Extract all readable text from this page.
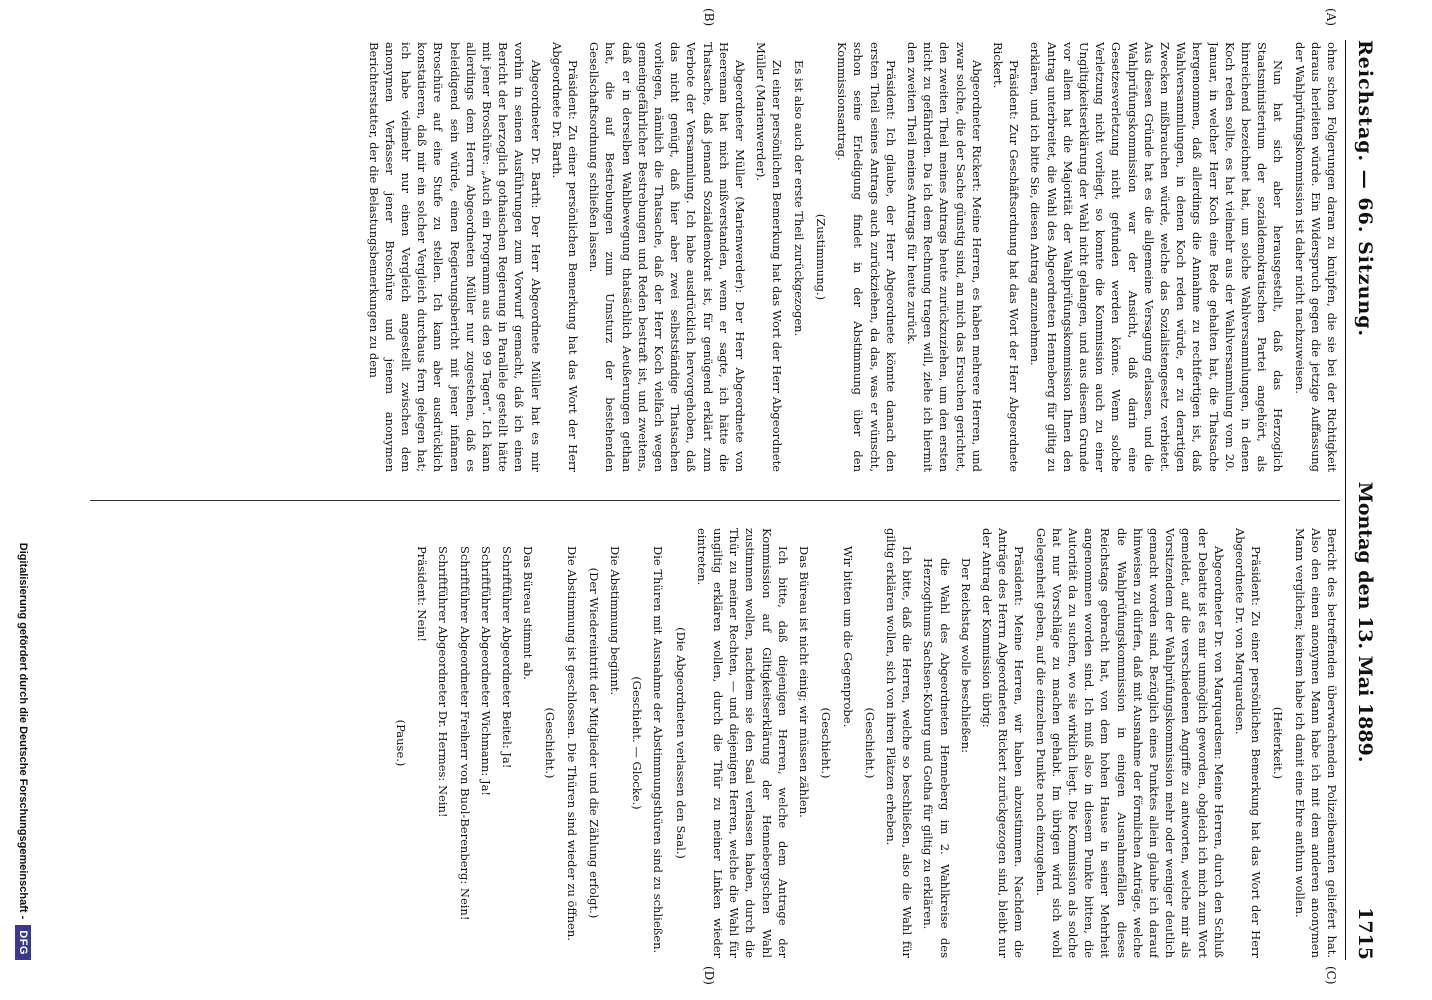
Reichstag. — 66. Sitzung.
Montag den 13. Mai 1889.
1715
(A)
(B)
(C)
(D)

ohne schon Folgerungen daran zu knüpfen, die sie bei der Richtigkeit daraus herleiten würde. Ein Widerspruch gegen die jetzige Auffassung der Wahlprüfungskommission ist daher nicht nachzuweisen.

Nun hat sich aber herausgestellt, daß das Herzoglich Staatsministerium der sozialdemokratischen Partei angehört, als hinreichend bezeichnet hat, um solche Wahlversammlungen, in denen Koch reden sollte, es hat vielmehr aus der Wahlversammlung vom 20. Januar, in welcher Herr Koch eine Rede gehalten hat, die Thatsache hergenommen, daß allerdings die Annahme zu rechtfertigen ist, daß Wahlversammlungen, in denen Koch reden würde, er zu derartigen Zwecken mißbrauchen würde, welche das Sozialistengesetz verbietet. Aus diesen Gründe hat es die allgemeine Versagung erlassen, und die Wahlprüfungskommission war der Ansicht, daß darin eine Gesetzesverletzung nicht gefunden werden könne. Wenn solche Verletzung nicht vorliegt, so konnte die Kommission auch zu einer Ungiltigkeitserklärung der Wahl nicht gelangen, und aus diesem Grunde vor allem hat die Majorität der Wahlprüfungskommission Ihnen den Antrag unterbreitet, die Wahl des Abgeordneten Henneberg für giltig zu erklären, und ich bitte Sie, diesen Antrag anzunehmen.

Präsident: Zur Geschäftsordnung hat das Wort der Herr Abgeordnete Rickert.

Abgeordneter Rickert: Meine Herren, es haben mehrere Herren, und zwar solche, die der Sache günstig sind, an mich das Ersuchen gerichtet, den zweiten Theil meines Antrags heute zurückzuziehen, um den ersten nicht zu gefährden. Da ich dem Rechnung tragen will, ziehe ich hiermit den zweiten Theil meines Antrags für heute zurück.

Präsident: Ich glaube, der Herr Abgeordnete könnte danach den ersten Theil seines Antrags auch zurückziehen, da das, was er wünscht, schon seine Erledigung findet in der Abstimmung über den Kommissionsantrag.

(Zustimmung.)

Es ist also auch der erste Theil zurückgezogen.

Zu einer persönlichen Bemerkung hat das Wort der Herr Abgeordnete Müller (Marienwerder).

Abgeordneter Müller (Marienwerder): Der Herr Abgeordnete von Heereman hat mich mißverstanden, wenn er sagte, ich hätte die Thatsache, daß jemand Sozialdemokrat ist, für genügend erklärt zum Verbote der Versammlung. Ich habe ausdrücklich hervorgehoben, daß das nicht genügt, daß hier aber zwei selbstständige Thatsachen vorliegen, nämlich die Thatsache, daß der Herr Koch vielfach wegen gemeingefährlicher Bestrebungen und Reden bestraft ist, und zweitens, daß er in derselben Wahlbewegung thatsächlich Aeußerungen gethan hat, die auf Bestrebungen zum Umsturz der bestehenden Gesellschaftsordnung schließen lassen.

Präsident: Zu einer persönlichen Bemerkung hat das Wort der Herr Abgeordnete Dr. Barth.

Abgeordneter Dr. Barth: Der Herr Abgeordnete Müller hat es mir vorhin in seinen Ausführungen zum Vorwurf gemacht, daß ich einen Bericht der herzoglich gothaischen Regierung in Parallele gestellt hätte mit jener Broschüre: „Auch ein Programm aus den 99 Tagen“. Ich kann allerdings dem Herrn Abgeordneten Müller nur zugestehen, daß es beleidigend sein würde, einen Regierungsbericht mit jener infamen Broschüre auf eine Stufe zu stellen. Ich kann aber ausdrücklich konstatieren, daß mir ein solcher Vergleich durchaus fern gelegen hat; ich habe vielmehr nur einen Vergleich angestellt zwischen dem anonymen Verfasser jener Broschüre und jenem anonymen Berichterstatter, der die Belastungsbemerkungen zu dem

Bericht des betreffenden überwachenden Polizeibeamten geliefert hat. Also den einen anonymen Mann habe ich mit dem anderen anonymen Mann verglichen; keinem habe ich damit eine Ehre anthun wollen.

(Heiterkeit.)

Präsident: Zu einer persönlichen Bemerkung hat das Wort der Herr Abgeordnete Dr. von Marquardsen.

Abgeordneter Dr. von Marquardsen: Meine Herren, durch den Schluß der Debatte ist es mir unmöglich geworden, obgleich ich mich zum Wort gemeldet, auf die verschiedenen Angriffe zu antworten, welche mir als Vorsitzendem der Wahlprüfungskommission mehr oder weniger deutlich gemacht worden sind. Bezüglich eines Punktes allein glaube ich darauf hinweisen zu dürfen, daß mit Ausnahme der förmlichen Anträge, welche die Wahlprüfungskommission in einigen Ausnahmefällen dieses Reichstags gebracht hat, von dem hohen Hause in seiner Mehrheit angenommen worden sind. Ich muß also in diesem Punkte bitten, die Autorität da zu suchen, wo sie wirklich liegt. Die Kommission als solche hat nur Vorschläge zu machen gehabt. Im übrigen wird sich wohl Gelegenheit geben, auf die einzelnen Punkte noch einzugehen.

Präsident: Meine Herren, wir haben abzustimmen. Nachdem die Anträge des Herrn Abgeordneten Rickert zurückgezogen sind, bleibt nur der Antrag der Kommission übrig:

Der Reichstag wolle beschließen:

die Wahl des Abgeordneten Henneberg im 2. Wahlkreise des Herzogthums Sachsen-Koburg und Gotha für giltig zu erklären.

Ich bitte, daß die Herren, welche so beschließen, also die Wahl für giltig erklären wollen, sich von ihren Plätzen erheben.

(Geschieht.)

Wir bitten um die Gegenprobe.

(Geschieht.)

Das Büreau ist nicht einig; wir müssen zählen.

Ich bitte, daß diejenigen Herren, welche dem Antrage der Kommission auf Giltigkeitserklärung der Hennebergschen Wahl zustimmen wollen, nachdem sie den Saal verlassen haben, durch die Thür zu meiner Rechten, — und diejenigen Herren, welche die Wahl für ungiltig erklären wollen, durch die Thür zu meiner Linken wieder eintreten.

(Die Abgeordneten verlassen den Saal.)

Die Thüren mit Ausnahme der Abstimmungsthüren sind zu schließen.

(Geschieht. — Glocke.)

Die Abstimmung beginnt.

(Der Wiedereintritt der Mitglieder und die Zählung erfolgt.)

Die Abstimmung ist geschlossen. Die Thüren sind wieder zu öffnen.

(Geschieht.)

Das Büreau stimmt ab.

Schriftführer Abgeordneter Beitel: Ja!

Schriftführer Abgeordneter Wichmann: Ja!

Schriftführer Abgeordneter Freiherr von Buol-Berenberg: Nein!

Schriftführer Abgeordneter Dr. Hermes: Nein!

Präsident: Nein!

(Pause.)

Digitalisierung gefördert durch die Deutsche Forschungsgemeinschaft -
DFG
